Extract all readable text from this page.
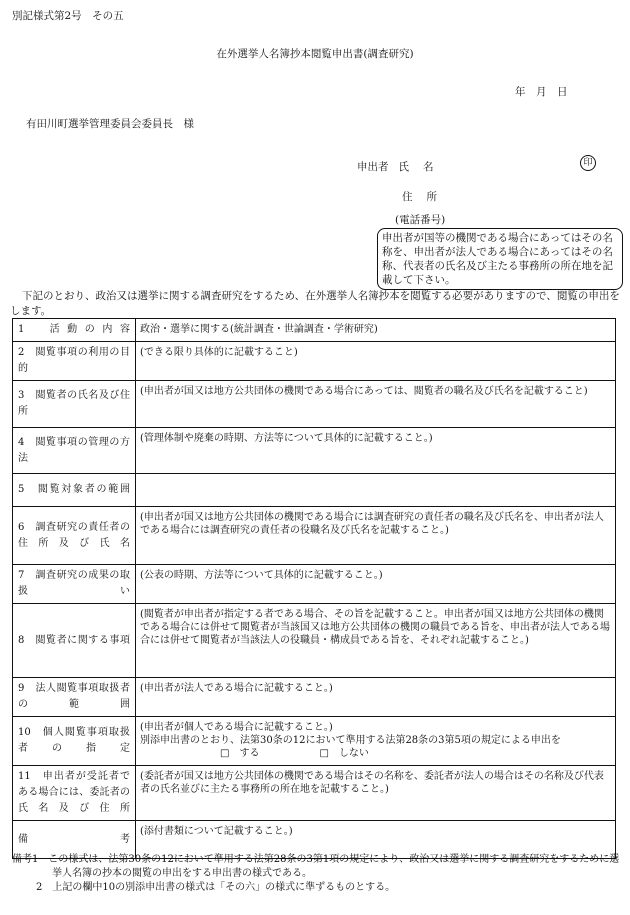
別記様式第2号　その五
在外選挙人名簿抄本閲覧申出書(調査研究)
年　月　日
有田川町選挙管理委員会委員長　様
申出者 氏名	印
住所
(電話番号)
申出者が国等の機関である場合にあってはその名称を、申出者が法人である場合にあってはその名称、代表者の氏名及び主たる事務所の所在地を記載して下さい。
下記のとおり、政治又は選挙に関する調査研究をするため、在外選挙人名簿抄本を閲覧する必要がありますので、閲覧の申出をします。
1　活動の内容	政治・選挙に関する(統計調査・世論調査・学術研究)
2　閲覧事項の利用の目的	(できる限り具体的に記載すること)
3　閲覧者の氏名及び住所	(申出者が国又は地方公共団体の機関である場合にあっては、閲覧者の職名及び氏名を記載すること)
4　閲覧事項の管理の方法	(管理体制や廃棄の時期、方法等について具体的に記載すること。)
5　閲覧対象者の範囲	
6　調査研究の責任者の住所及び氏名	(申出者が国又は地方公共団体の機関である場合には調査研究の責任者の職名及び氏名を、申出者が法人である場合には調査研究の責任者の役職名及び氏名を記載すること。)
7　調査研究の成果の取扱い	(公表の時期、方法等について具体的に記載すること。)
8　閲覧者に関する事項	(閲覧者が申出者が指定する者である場合、その旨を記載すること。申出者が国又は地方公共団体の機関である場合には併せて閲覧者が当該国又は地方公共団体の機関の職員である旨を、申出者が法人である場合には併せて閲覧者が当該法人の役職員・構成員である旨を、それぞれ記載すること。)
9　法人閲覧事項取扱者の範囲	(申出者が法人である場合に記載すること。)
10　個人閲覧事項取扱者の指定	(申出者が個人である場合に記載すること。)
別添申出書のとおり、法第30条の12において準用する法第28条の3第5項の規定による申出を
□　する □　しない

11　申出者が受託者である場合には、委託者の氏名及び住所	(委託者が国又は地方公共団体の機関である場合はその名称を、委託者が法人の場合はその名称及び代表者の氏名並びに主たる事務所の所在地を記載すること。)
備考	(添付書類について記載すること。)
備考1　この様式は、法第30条の12において準用する法第28条の3第1項の規定により、政治又は選挙に関する調査研究をするために選挙人名簿の抄本の閲覧の申出をする申出書の様式である。
2　上記の欄中10の別添申出書の様式は「その六」の様式に準ずるものとする。
